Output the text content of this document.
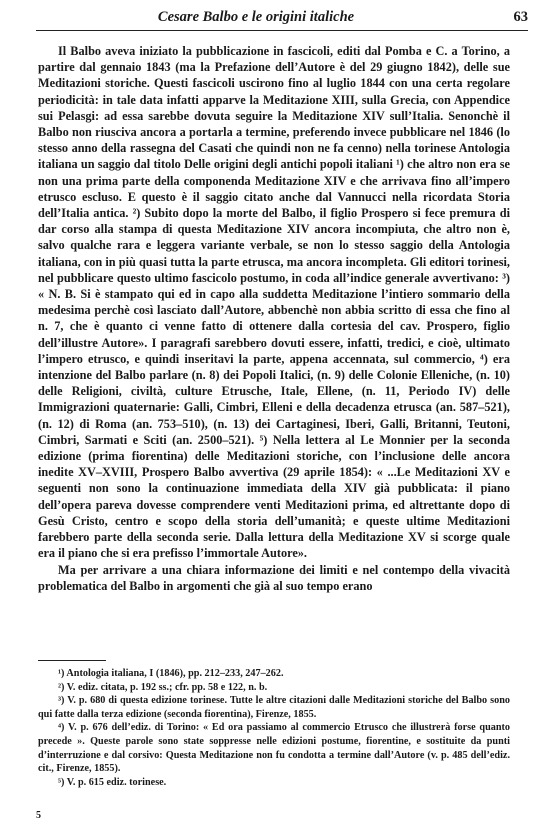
Cesare Balbo e le origini italiche	63

Il Balbo aveva iniziato la pubblicazione in fascicoli, editi dal Pomba e C. a Torino, a partire dal gennaio 1843 (ma la Prefazione dell’Autore è del 29 giugno 1842), delle sue Meditazioni storiche. Questi fascicoli uscirono fino al luglio 1844 con una certa regolare periodicità: in tale data infatti apparve la Meditazione XIII, sulla Grecia, con Appendice sui Pelasgi: ad essa sarebbe dovuta seguire la Meditazione XIV sull’Italia. Senonchè il Balbo non riusciva ancora a portarla a termine, preferendo invece pubblicare nel 1846 (lo stesso anno della rassegna del Casati che quindi non ne fa cenno) nella torinese Antologia italiana un saggio dal titolo Delle origini degli antichi popoli italiani ¹) che altro non era se non una prima parte della componenda Meditazione XIV e che arrivava fino all’impero etrusco escluso. E questo è il saggio citato anche dal Vannucci nella ricordata Storia dell’Italia antica. ²) Subito dopo la morte del Balbo, il figlio Prospero si fece premura di dar corso alla stampa di questa Meditazione XIV ancora incompiuta, che altro non è, salvo qualche rara e leggera variante verbale, se non lo stesso saggio della Antologia italiana, con in più quasi tutta la parte etrusca, ma ancora incompleta. Gli editori torinesi, nel pubblicare questo ultimo fascicolo postumo, in coda all’indice generale avvertivano: ³) « N. B. Si è stampato qui ed in capo alla suddetta Meditazione l’intiero sommario della medesima perchè così lasciato dall’Autore, abbenchè non abbia scritto di essa che fino al n. 7, che è quanto ci venne fatto di ottenere dalla cortesia del cav. Prospero, figlio dell’illustre Autore». I paragrafi sarebbero dovuti essere, infatti, tredici, e cioè, ultimato l’impero etrusco, e quindi inseritavi la parte, appena accennata, sul commercio, ⁴) era intenzione del Balbo parlare (n. 8) dei Popoli Italici, (n. 9) delle Colonie Elleniche, (n. 10) delle Religioni, civiltà, culture Etrusche, Itale, Ellene, (n. 11, Periodo IV) delle Immigrazioni quaternarie: Galli, Cimbri, Elleni e della decadenza etrusca (an. 587–521), (n. 12) di Roma (an. 753–510), (n. 13) dei Cartaginesi, Iberi, Galli, Britanni, Teutoni, Cimbri, Sarmati e Sciti (an. 2500–521). ⁵) Nella lettera al Le Monnier per la seconda edizione (prima fiorentina) delle Meditazioni storiche, con l’inclusione delle ancora inedite XV–XVIII, Prospero Balbo avvertiva (29 aprile 1854): « ...Le Meditazioni XV e seguenti non sono la continuazione immediata della XIV già pubblicata: il piano dell’opera pareva dovesse comprendere venti Meditazioni prima, ed altrettante dopo di Gesù Cristo, centro e scopo della storia dell’umanità; e queste ultime Meditazioni farebbero parte della seconda serie. Dalla lettura della Meditazione XV si scorge quale era il piano che si era prefisso l’immortale Autore».

Ma per arrivare a una chiara informazione dei limiti e nel contempo della vivacità problematica del Balbo in argomenti che già al suo tempo erano

¹) Antologia italiana, I (1846), pp. 212–233, 247–262.

²) V. ediz. citata, p. 192 ss.; cfr. pp. 58 e 122, n. b.

³) V. p. 680 di questa edizione torinese. Tutte le altre citazioni dalle Meditazioni storiche del Balbo sono qui fatte dalla terza edizione (seconda fiorentina), Firenze, 1855.

⁴) V. p. 676 dell’ediz. di Torino: « Ed ora passiamo al commercio Etrusco che illustrerà forse quanto precede ». Queste parole sono state soppresse nelle edizioni postume, fiorentine, e sostituite da punti d’interruzione e dal corsivo: Questa Meditazione non fu condotta a termine dall’Autore (v. p. 485 dell’ediz. cit., Firenze, 1855).

⁵) V. p. 615 ediz. torinese.

5
